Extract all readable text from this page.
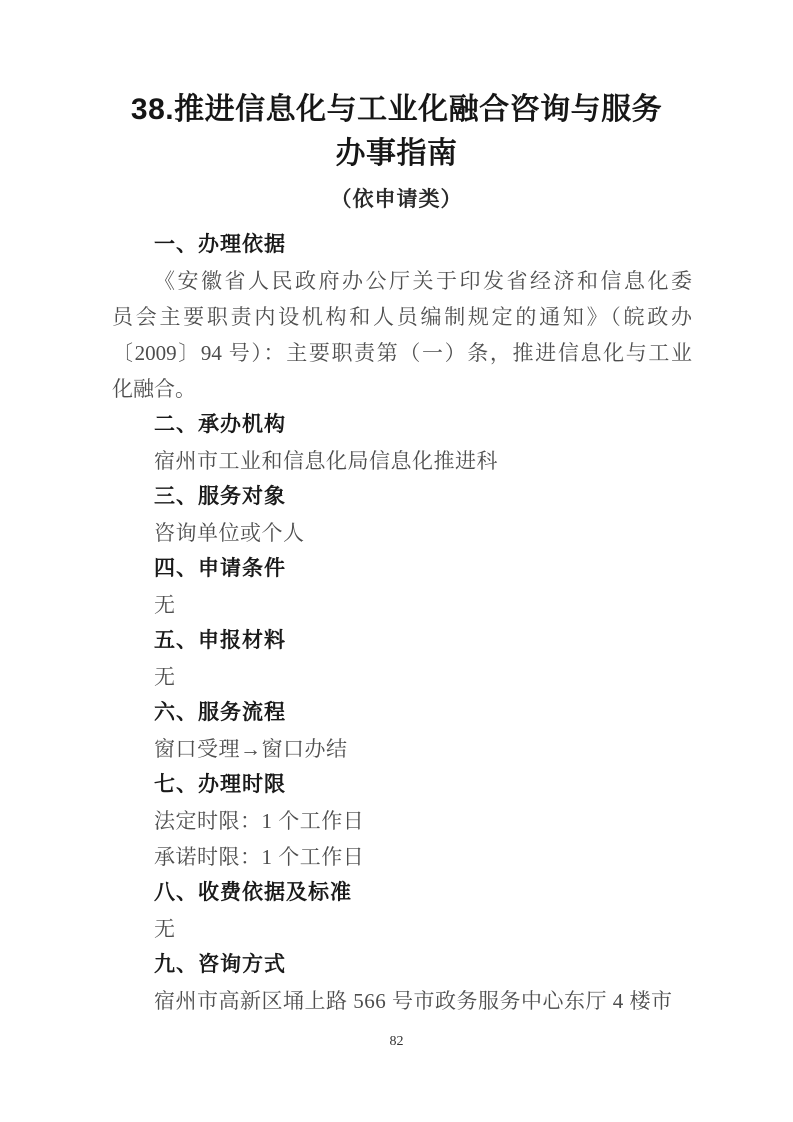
38.推进信息化与工业化融合咨询与服务
办事指南
（依申请类）
一、办理依据
《安徽省人民政府办公厅关于印发省经济和信息化委
员会主要职责内设机构和人员编制规定的通知》（皖政办
〔2009〕94 号）：主要职责第（一）条，推进信息化与工业
化融合。
二、承办机构
宿州市工业和信息化局信息化推进科
三、服务对象
咨询单位或个人
四、申请条件
无
五、申报材料
无
六、服务流程
窗口受理→窗口办结
七、办理时限
法定时限：1 个工作日
承诺时限：1 个工作日
八、收费依据及标准
无
九、咨询方式
宿州市高新区埇上路 566 号市政务服务中心东厅 4 楼市
82
